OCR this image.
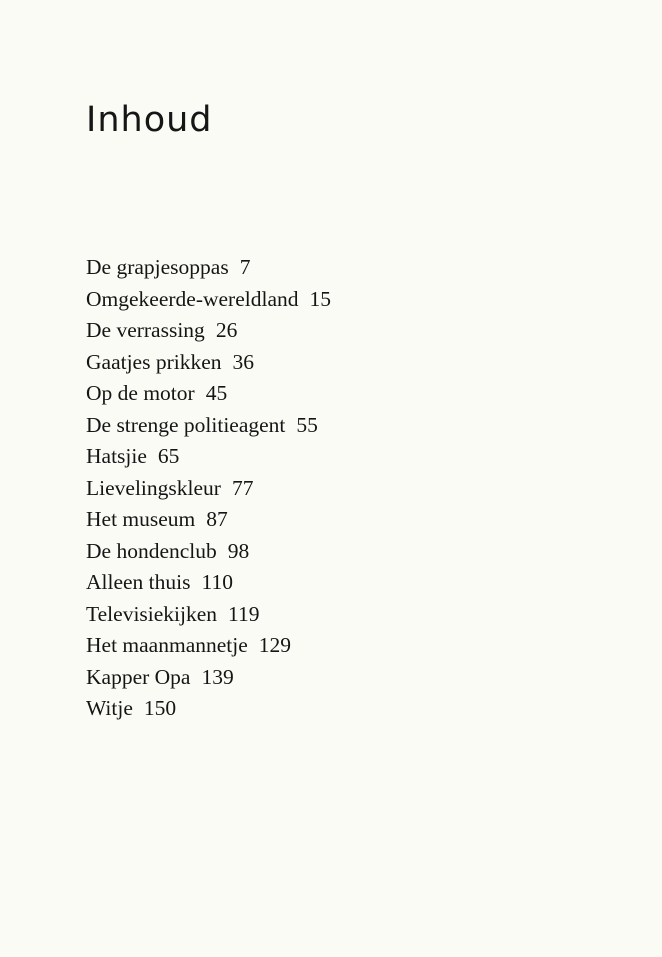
Inhoud
De grapjesoppas 7
Omgekeerde-wereldland 15
De verrassing 26
Gaatjes prikken 36
Op de motor 45
De strenge politieagent 55
Hatsjie 65
Lievelingskleur 77
Het museum 87
De hondenclub 98
Alleen thuis 110
Televisiekijken 119
Het maanmannetje 129
Kapper Opa 139
Witje 150
